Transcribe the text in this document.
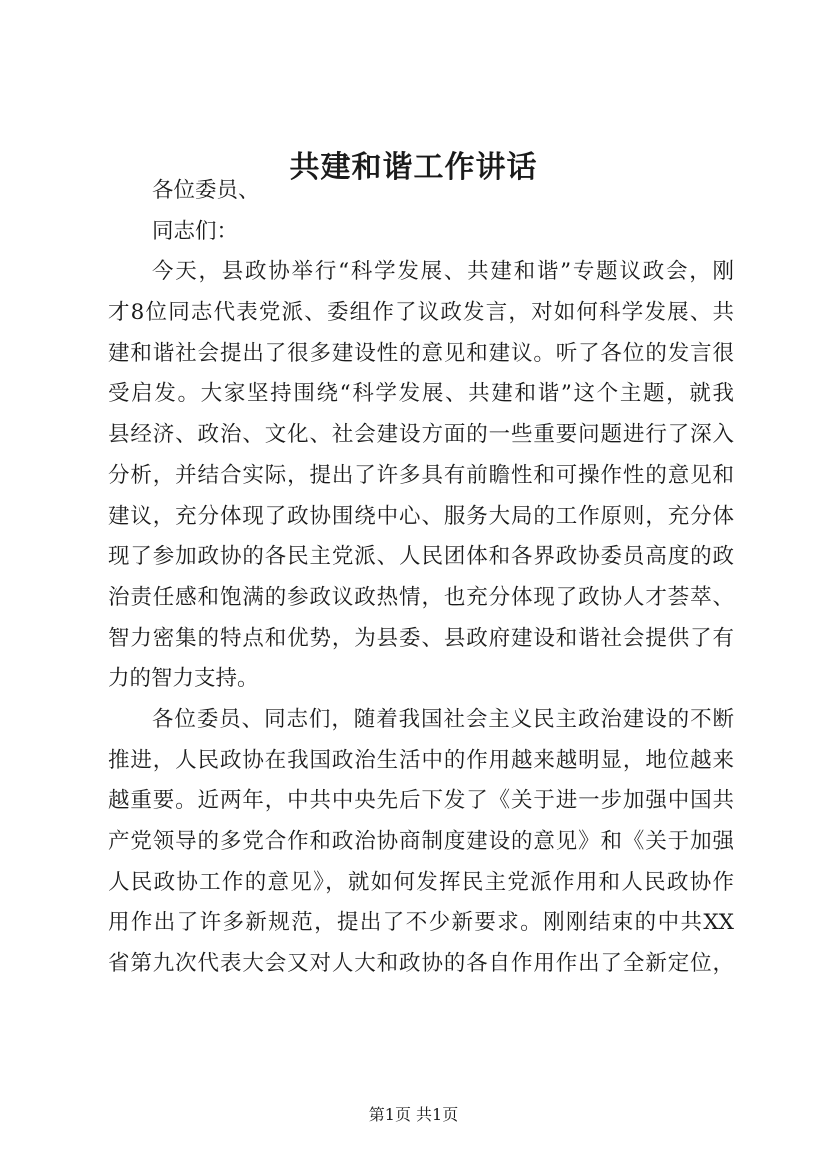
共建和谐工作讲话
各位委员、
同志们：
今天，县政协举行“科学发展、共建和谐”专题议政会，刚
才8位同志代表党派、委组作了议政发言，对如何科学发展、共
建和谐社会提出了很多建设性的意见和建议。听了各位的发言很
受启发。大家坚持围绕“科学发展、共建和谐”这个主题，就我
县经济、政治、文化、社会建设方面的一些重要问题进行了深入
分析，并结合实际，提出了许多具有前瞻性和可操作性的意见和
建议，充分体现了政协围绕中心、服务大局的工作原则，充分体
现了参加政协的各民主党派、人民团体和各界政协委员高度的政
治责任感和饱满的参政议政热情，也充分体现了政协人才荟萃、
智力密集的特点和优势，为县委、县政府建设和谐社会提供了有
力的智力支持。
各位委员、同志们，随着我国社会主义民主政治建设的不断
推进，人民政协在我国政治生活中的作用越来越明显，地位越来
越重要。近两年，中共中央先后下发了《关于进一步加强中国共
产党领导的多党合作和政治协商制度建设的意见》和《关于加强
人民政协工作的意见》，就如何发挥民主党派作用和人民政协作
用作出了许多新规范，提出了不少新要求。刚刚结束的中共XX
省第九次代表大会又对人大和政协的各自作用作出了全新定位，
第1页 共1页
